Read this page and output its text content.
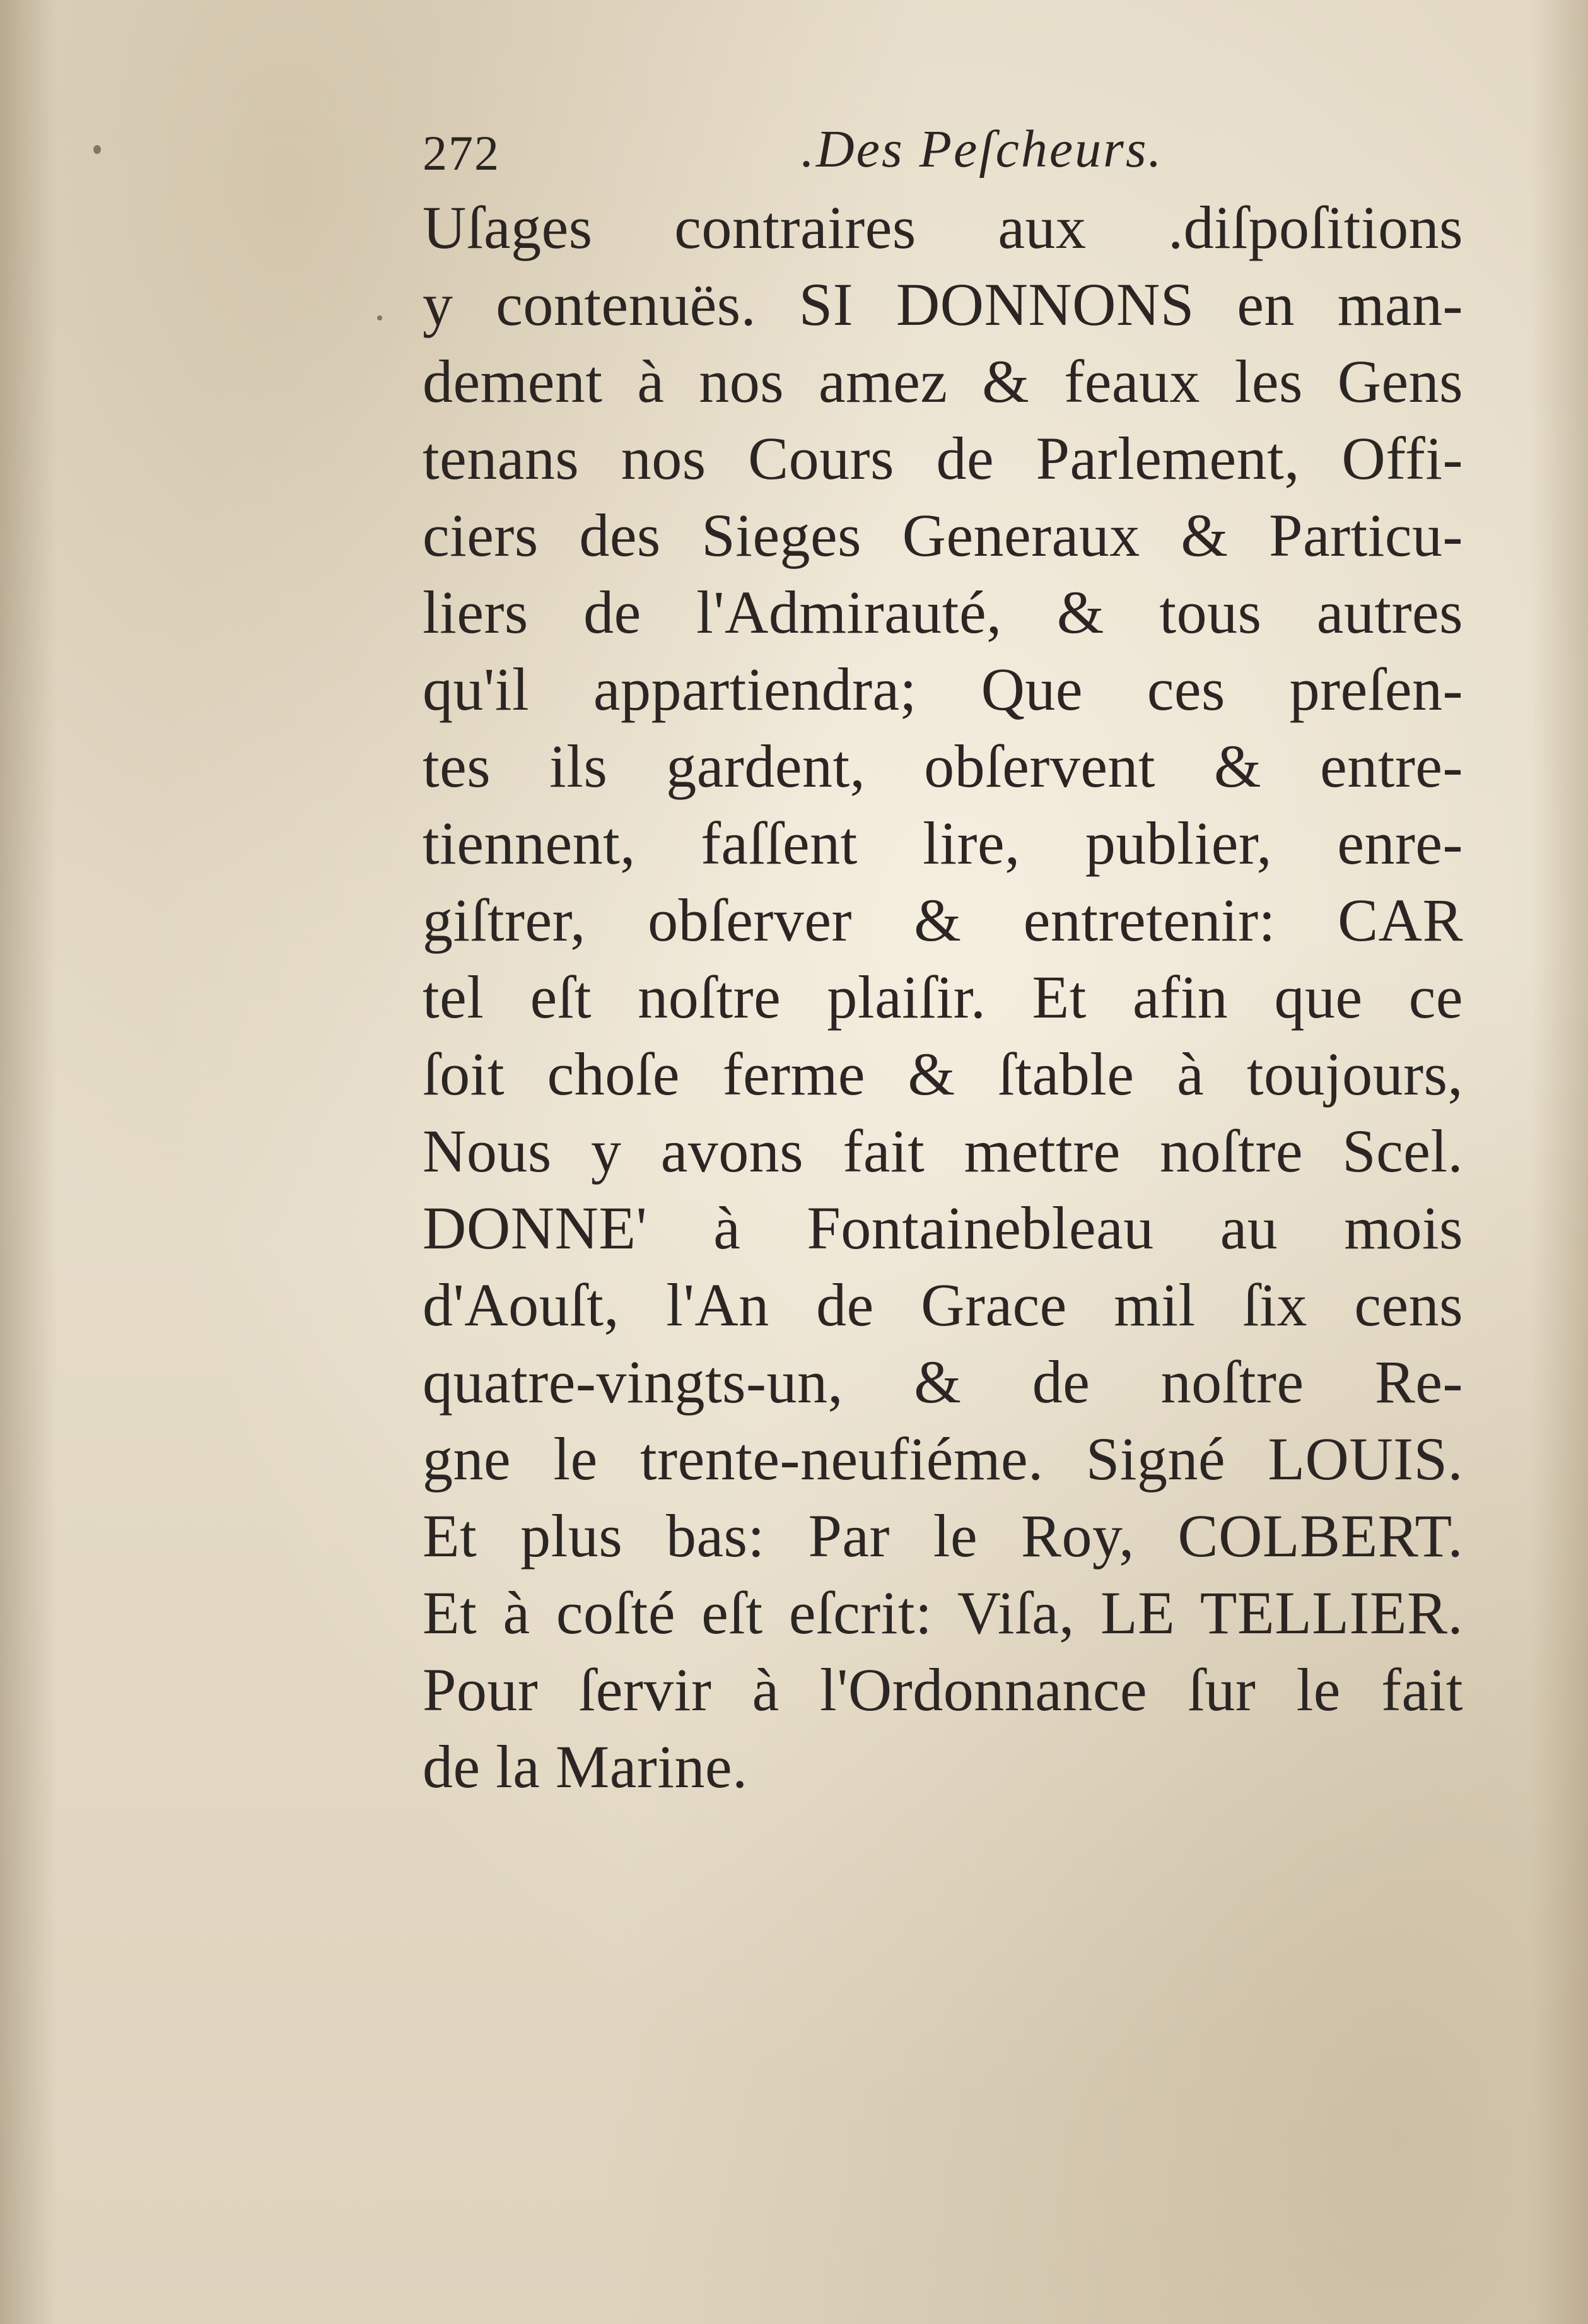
272	.Des Peſcheurs.
Uſages contraires aux .diſpoſitions
y contenuës. SI DONNONS en man-
dement à nos amez & feaux les Gens
tenans nos Cours de Parlement, Offi-
ciers des Sieges Generaux & Particu-
liers de l'Admirauté, & tous autres
qu'il appartiendra; Que ces preſen-
tes ils gardent, obſervent & entre-
tiennent, faſſent lire, publier, enre-
giſtrer, obſerver & entretenir: CAR
tel eſt noſtre plaiſir. Et afin que ce
ſoit choſe ferme & ſtable à toujours,
Nous y avons fait mettre noſtre Scel.
DONNE' à Fontainebleau au mois
d'Aouſt, l'An de Grace mil ſix cens
quatre-vingts-un, & de noſtre Re-
gne le trente-neufiéme. Signé LOUIS.
Et plus bas: Par le Roy, COLBERT.
Et à coſté eſt eſcrit: Viſa, LE TELLIER.
Pour ſervir à l'Ordonnance ſur le fait
de la Marine.
